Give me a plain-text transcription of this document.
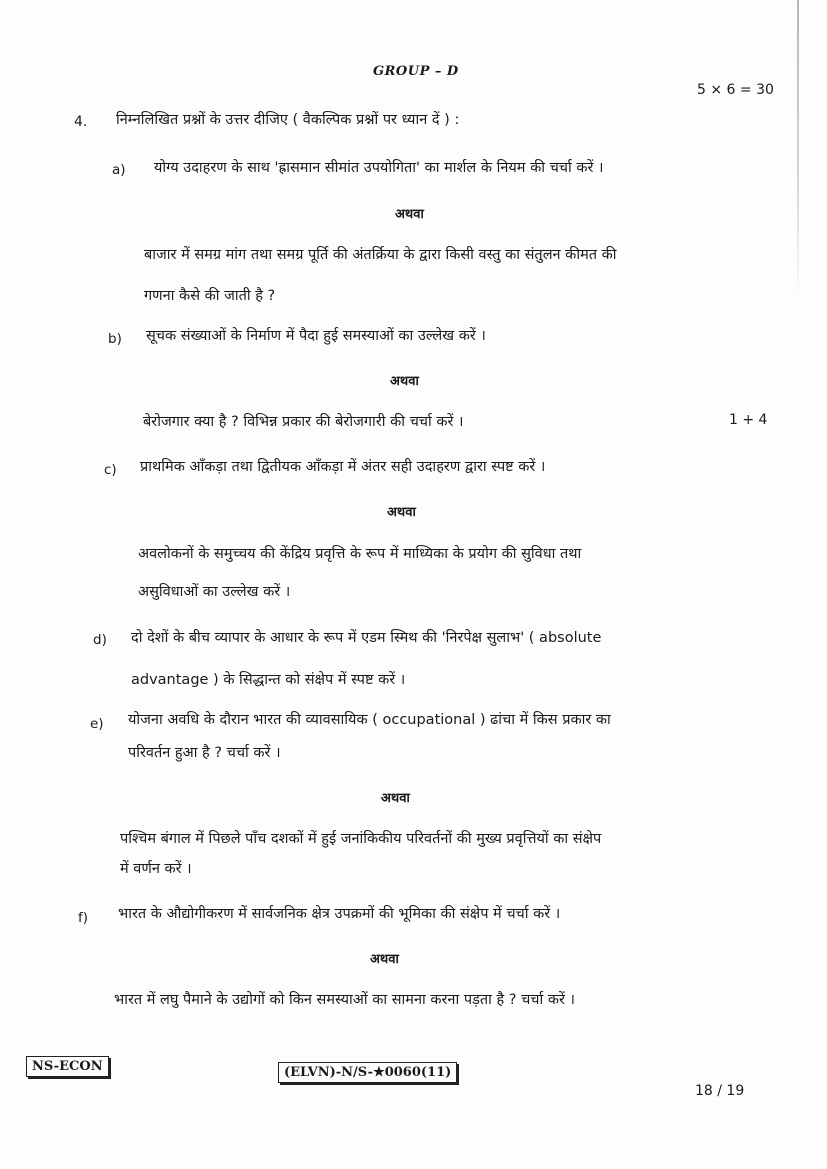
GROUP – D
5 × 6 = 30
4. निम्नलिखित प्रश्नों के उत्तर दीजिए ( वैकल्पिक प्रश्नों पर ध्यान दें ) :
a) योग्य उदाहरण के साथ 'ह्रासमान सीमांत उपयोगिता' का मार्शल के नियम की चर्चा करें ।
अथवा
बाजार में समग्र मांग तथा समग्र पूर्ति की अंतर्क्रिया के द्वारा किसी वस्तु का संतुलन कीमत की
गणना कैसे की जाती है ?
b) सूचक संख्याओं के निर्माण में पैदा हुई समस्याओं का उल्लेख करें ।
अथवा
बेरोजगार क्या है ? विभिन्न प्रकार की बेरोजगारी की चर्चा करें ।	1 + 4
c) प्राथमिक आँकड़ा तथा द्वितीयक आँकड़ा में अंतर सही उदाहरण द्वारा स्पष्ट करें ।
अथवा
अवलोकनों के समुच्चय की केंद्रिय प्रवृत्ति के रूप में माध्यिका के प्रयोग की सुविधा तथा
असुविधाओं का उल्लेख करें ।
d) दो देशों के बीच व्यापार के आधार के रूप में एडम स्मिथ की 'निरपेक्ष सुलाभ' ( absolute
advantage ) के सिद्धान्त को संक्षेप में स्पष्ट करें ।
e) योजना अवधि के दौरान भारत की व्यावसायिक ( occupational ) ढांचा में किस प्रकार का
परिवर्तन हुआ है ? चर्चा करें ।
अथवा
पश्चिम बंगाल में पिछले पाँच दशकों में हुई जनांकिकीय परिवर्तनों की मुख्य प्रवृत्तियों का संक्षेप
में वर्णन करें ।
f) भारत के औद्योगीकरण में सार्वजनिक क्षेत्र उपक्रमों की भूमिका की संक्षेप में चर्चा करें ।
अथवा
भारत में लघु पैमाने के उद्योगों को किन समस्याओं का सामना करना पड़ता है ? चर्चा करें ।
NS-ECON	(ELVN)-N/S-★0060(11)
18 / 19
